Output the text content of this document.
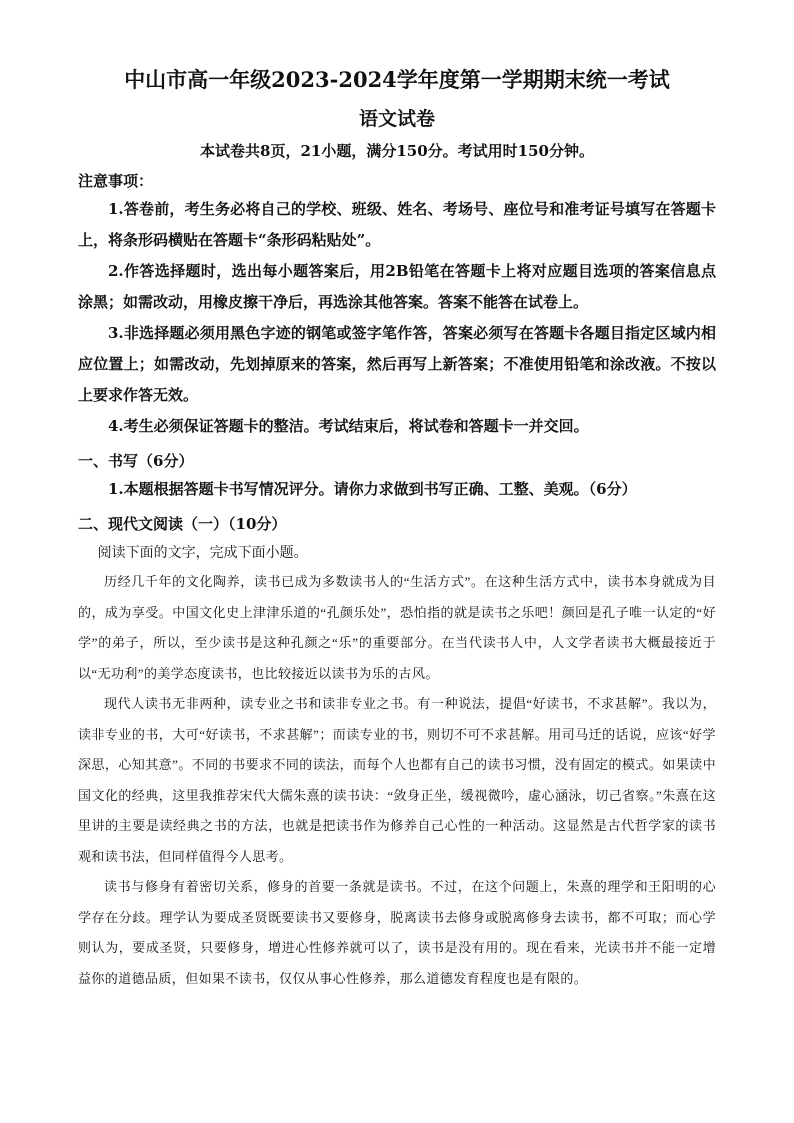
中山市高一年级2023-2024学年度第一学期期末统一考试
语文试卷
本试卷共8页，21小题，满分150分。考试用时150分钟。
注意事项：
1.答卷前，考生务必将自己的学校、班级、姓名、考场号、座位号和准考证号填写在答题卡上，将条形码横贴在答题卡“条形码粘贴处”。
2.作答选择题时，选出每小题答案后，用2B铅笔在答题卡上将对应题目选项的答案信息点涂黑；如需改动，用橡皮擦干净后，再选涂其他答案。答案不能答在试卷上。
3.非选择题必须用黑色字迹的钢笔或签字笔作答，答案必须写在答题卡各题目指定区域内相应位置上；如需改动，先划掉原来的答案，然后再写上新答案；不准使用铅笔和涂改液。不按以上要求作答无效。
4.考生必须保证答题卡的整洁。考试结束后，将试卷和答题卡一并交回。
一、书写（6分）
1.本题根据答题卡书写情况评分。请你力求做到书写正确、工整、美观。（6分）
二、现代文阅读（一）（10分）
阅读下面的文字，完成下面小题。
历经几千年的文化陶养，读书已成为多数读书人的“生活方式”。在这种生活方式中，读书本身就成为目的，成为享受。中国文化史上津津乐道的“孔颜乐处”，恐怕指的就是读书之乐吧！颜回是孔子唯一认定的“好学”的弟子，所以，至少读书是这种孔颜之“乐”的重要部分。在当代读书人中，人文学者读书大概最接近于以“无功利”的美学态度读书，也比较接近以读书为乐的古风。
现代人读书无非两种，读专业之书和读非专业之书。有一种说法，提倡“好读书，不求甚解”。我以为，读非专业的书，大可“好读书，不求甚解”；而读专业的书，则切不可不求甚解。用司马迁的话说，应该“好学深思，心知其意”。不同的书要求不同的读法，而每个人也都有自己的读书习惯，没有固定的模式。如果读中国文化的经典，这里我推荐宋代大儒朱熹的读书诀：“敛身正坐，缓视微吟，虚心涵泳，切己省察。”朱熹在这里讲的主要是读经典之书的方法，也就是把读书作为修养自己心性的一种活动。这显然是古代哲学家的读书观和读书法，但同样值得今人思考。
读书与修身有着密切关系，修身的首要一条就是读书。不过，在这个问题上，朱熹的理学和王阳明的心学存在分歧。理学认为要成圣贤既要读书又要修身，脱离读书去修身或脱离修身去读书，都不可取；而心学则认为，要成圣贤，只要修身，增进心性修养就可以了，读书是没有用的。现在看来，光读书并不能一定增益你的道德品质，但如果不读书，仅仅从事心性修养，那么道德发育程度也是有限的。
